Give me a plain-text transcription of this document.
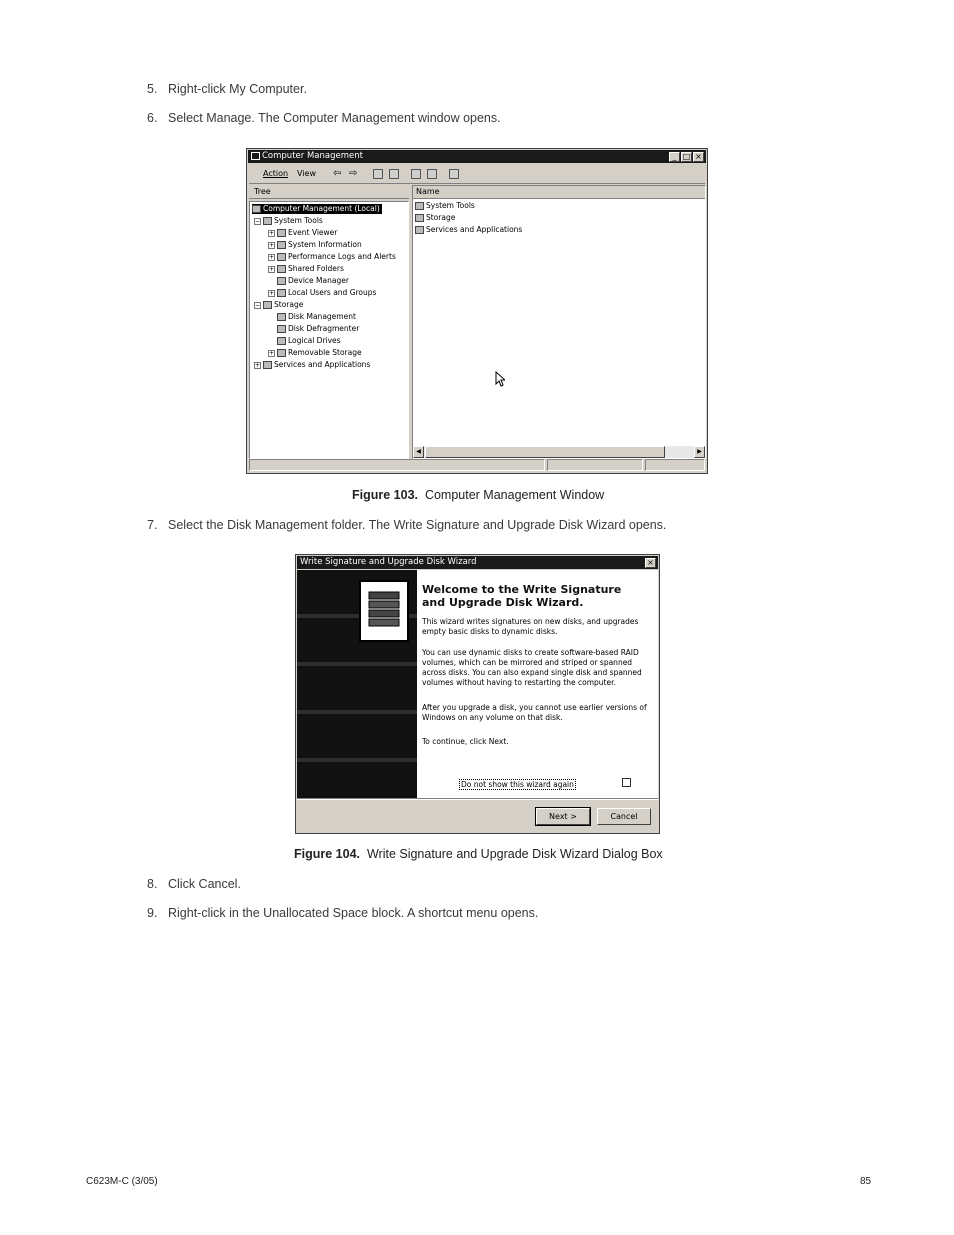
5. Right-click My Computer.
6. Select Manage. The Computer Management window opens.
Computer Management	_ □ ×
Action View ⇦ ⇨
Tree
Computer Management (Local)
− System Tools
+ Event Viewer
+ System Information
+ Performance Logs and Alerts
+ Shared Folders
Device Manager
+ Local Users and Groups
− Storage
Disk Management
Disk Defragmenter
Logical Drives
+ Removable Storage
+ Services and Applications
Name
System Tools
Storage
Services and Applications
◀	▶
Figure 103. Computer Management Window
7. Select the Disk Management folder. The Write Signature and Upgrade Disk Wizard opens.
Write Signature and Upgrade Disk Wizard	×
Welcome to the Write Signature
and Upgrade Disk Wizard.
This wizard writes signatures on new disks, and upgrades
empty basic disks to dynamic disks.
You can use dynamic disks to create software-based RAID
volumes, which can be mirrored and striped or spanned
across disks. You can also expand single disk and spanned
volumes without having to restarting the computer.
After you upgrade a disk, you cannot use earlier versions of
Windows on any volume on that disk.
To continue, click Next.
Do not show this wizard again
Next >	Cancel
Figure 104. Write Signature and Upgrade Disk Wizard Dialog Box
8. Click Cancel.
9. Right-click in the Unallocated Space block. A shortcut menu opens.
C623M-C (3/05)	85
